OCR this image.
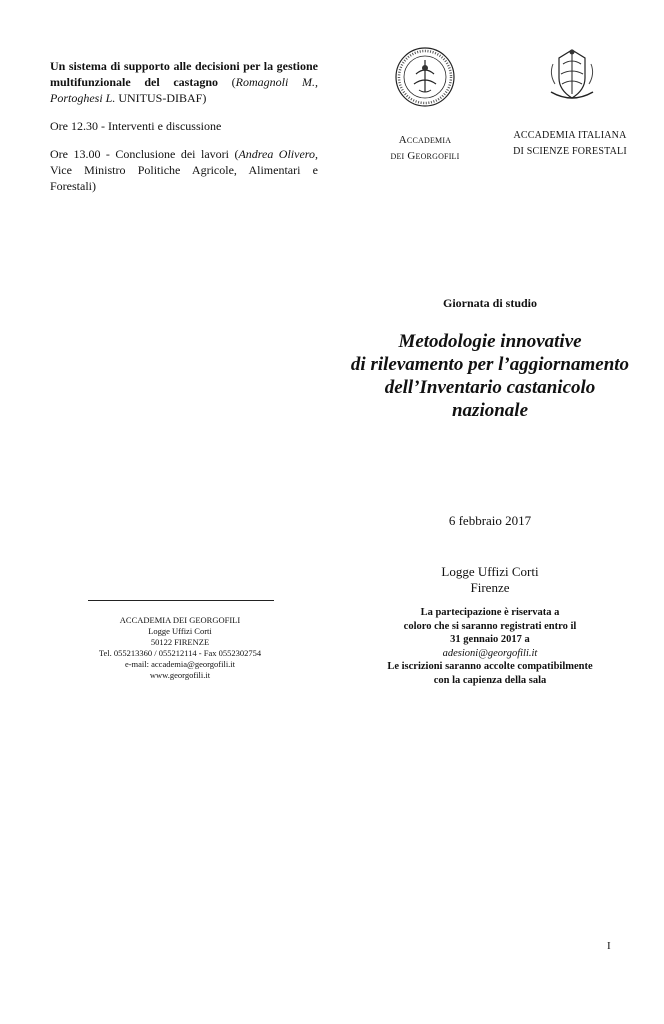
Un sistema di supporto alle decisioni per la gestione multifunzionale del castagno (Romagnoli M., Portoghesi L. UNITUS-DIBAF)

Ore 12.30 - Interventi e discussione

Ore 13.00 - Conclusione dei lavori (Andrea Olivero, Vice Ministro Politiche Agricole, Alimentari e Forestali)

Accademia
dei Georgofili
ACCADEMIA ITALIANA
DI SCIENZE FORESTALI
Giornata di studio
Metodologie innovative
di rilevamento per l’aggiornamento
dell’Inventario castanicolo
nazionale
6 febbraio 2017
Logge Uffizi Corti
Firenze
La partecipazione è riservata a
coloro che si saranno registrati entro il
31 gennaio 2017 a
adesioni@georgofili.it
Le iscrizioni saranno accolte compatibilmente
con la capienza della sala
ACCADEMIA DEI GEORGOFILI
Logge Uffizi Corti
50122 FIRENZE
Tel. 055213360 / 055212114 - Fax 0552302754
e-mail: accademia@georgofili.it
www.georgofili.it
I
